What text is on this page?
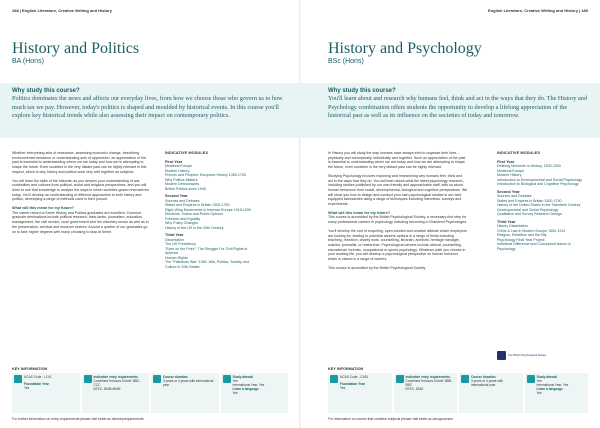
188 | English Literature, Creative Writing and History
History and Politics
BA (Hons)
Why study this course?
Politics dominates the news and affects our everyday lives, from how we choose those who govern us to how much tax we pay. However, today's politics is shaped and moulded by historical events. In this course you'll explore key historical trends while also assessing their impact on contemporary politics.

Whether interpreting acts of resistance, assessing economic change, describing environmental behaviour or understanding acts of oppression, an appreciation of the past is essential to understanding where we are today and how we're attempting to shape the future. Even societies in the very distant past can be highly relevant in this respect, which is why history and politics work very well together as subjects.

You will learn the skills of the historian as you deepen your understanding of war, continuities and cultures from political, social and religious perspectives, and you will learn to use that knowledge to analyse the ways in which societies govern themselves today. You'll develop an understanding of different approaches to both history and politics, developing a range of methods used in their pursuit.

What will this mean for my future?

The career record of Keele History and Politics graduates are excellent. Common graduate destinations include political research, think-tanks, journalism, education, management, the civil service, local government and the voluntary sector as well as in the preservation, archival and museum sectors. Around a quarter of our graduates go on to take higher degrees with many choosing to stay at Keele.

INDICATIVE MODULES
First Year
Medieval Europe
Modern History
Princes and Peoples: European History 1450-1700
Why Politics Matters
Modern Democracies
British Politics since 1945
Second Year
Sources and Debates
States and Empires in Britain 1500-1750
Right-Wing Movements in Interwar Europe 1918-1939
Elections, Voters and Public Opinion
Freedom and Equality
Why Policy Changes
History of the US in the 20th Century
Third Year
Dissertation
The US Presidency
"Eyes on the Prize": The Struggle For Civil Rights in America
Human Rights
The "Falklands War" 1982: War, Politics, Society and Culture in 20th Britain
KEY INFORMATION
UCAS Code - L1V1
Foundation Year
Yes
Indicative entry requirements
Combined Honours A level: BBC-CCC
BTEC: DMM-MMM
Course duration
3 years or 4 years with international year
Study abroad
Yes
International Year: Yes
Learn a language
Yes
For further information on entry requirements please visit keele.ac.uk/entryrequirements
English Literature, Creative Writing and History | 189
History and Psychology
BSc (Hons)
Why study this course?
You'll learn about and research why humans feel, think and act in the ways that they do. The History and Psychology combination offers students the opportunity to develop a lifelong appreciation of the historical past as well as its influence on the societies of today and tomorrow.

In History you will study the way humans have always tried to organise their lives – physically and conceptually, individually and together. Such an appreciation of the past is essential to understanding where we are today and how we are attempting to shape the future, even societies in the very distant past can be highly relevant.

Studying Psychology involves exploring and researching why humans feel, think and act in the ways that they do. You will learn about what the latest psychology research, including studies published by our own friendly and approachable staff, tells us about human behaviour from social, developmental, biological and cognitive perspectives. We will show you how to design and conduct your own psychological studies in our well-equipped laboratories using a range of techniques including interviews, surveys and experiments.

What will this mean for my future?

This course is accredited by the British Psychological Society, a necessary first step for many professional careers in psychology including becoming a Chartered Psychologist.

You'll develop the sort of enquiring, open-minded and creative attitude which employers are looking for, leading to potential careers options in a range of fields including teaching, research, charity work, counselling, librarian, archivist, heritage manager, solicitor, journalist, or researcher. Psychological careers include clinical, counselling, educational, forensic, occupational or sports psychology. Whatever path you choose in your working life, you will develop a psychological perspective on human behavior which is valued in a range of careers.

This course is accredited by the British Psychological Society.

INDICATIVE MODULES
First Year
Defining Moments in History, 1500-2000
Medieval Europe
Modern History
Introduction to Developmental and Social Psychology
Introduction to Biological and Cognitive Psychology
Second Year
Sources and Debates
States and Empires in Britain 1500-1750
History of the United States in the Twentieth Century
Developmental and Social Psychology
Qualitative and Survey Research Design
Third Year
History Dissertation
Crime & Law in Modern Europe 1550-1914
Religion, Rebellion and the Raj
Psychology Final Year Project
Individual Difference and Conceptual Issues in Psychology
The British Psychological Society
KEY INFORMATION
UCAS Code - CV81
Foundation Year
Yes
Indicative entry requirements
Combined Honours A level: BBB-BBC
BTEC: DDM
Course duration
3 years or 4 years with international year
Study abroad
Yes
International Year: Yes
Learn a language
Yes
For information on course that combine subjects please visit keele.ac.uk/ugcourses
